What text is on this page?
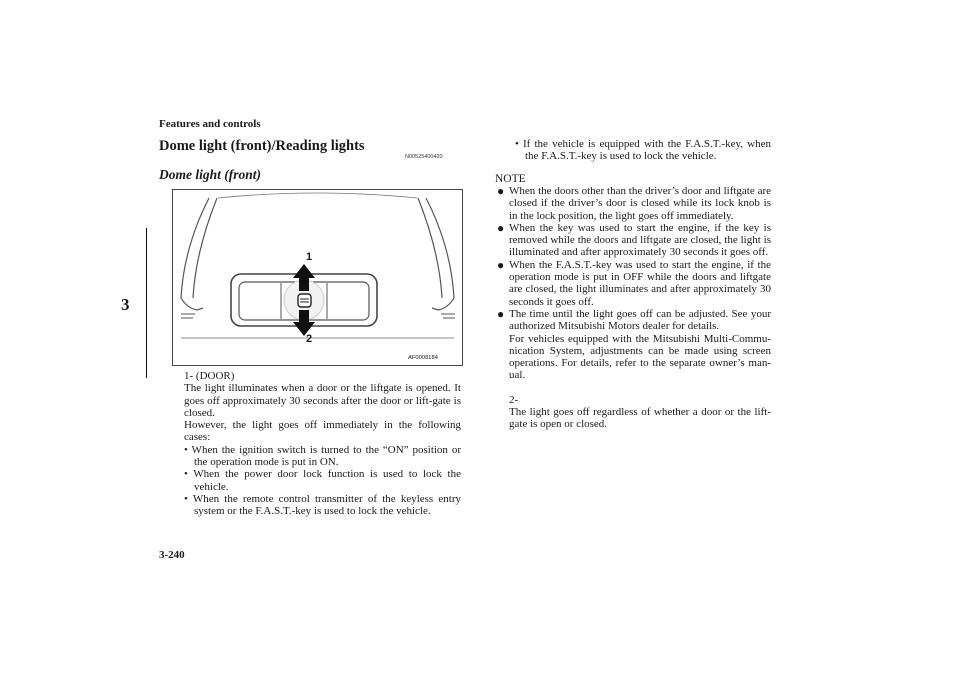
Features and controls
3
Dome light (front)/Reading lights
N00525400420
Dome light (front)
1
2
AF0008184

1- (DOOR)

The light illuminates when a door or the liftgate is opened. It goes off approximately 30 seconds after the door or lift-gate is closed.

However, the light goes off immediately in the following cases:

• When the ignition switch is turned to the “ON” position or the operation mode is put in ON.

• When the power door lock function is used to lock the vehicle.

• When the remote control transmitter of the keyless entry system or the F.A.S.T.-key is used to lock the vehicle.

• If the vehicle is equipped with the F.A.S.T.-key, when the F.A.S.T.-key is used to lock the vehicle.

NOTE
● When the doors other than the driver’s door and liftgate are closed if the driver’s door is closed while its lock knob is in the lock position, the light goes off immediately.

● When the key was used to start the engine, if the key is removed while the doors and liftgate are closed, the light is illuminated and after approximately 30 seconds it goes off.

● When the F.A.S.T.-key was used to start the engine, if the operation mode is put in OFF while the doors and liftgate are closed, the light illuminates and after approximately 30 seconds it goes off.

● The time until the light goes off can be adjusted. See your authorized Mitsubishi Motors dealer for details.

For vehicles equipped with the Mitsubishi Multi-Commu-nication System, adjustments can be made using screen operations. For details, refer to the separate owner’s man-ual.

2-

The light goes off regardless of whether a door or the lift-gate is open or closed.

3-240
